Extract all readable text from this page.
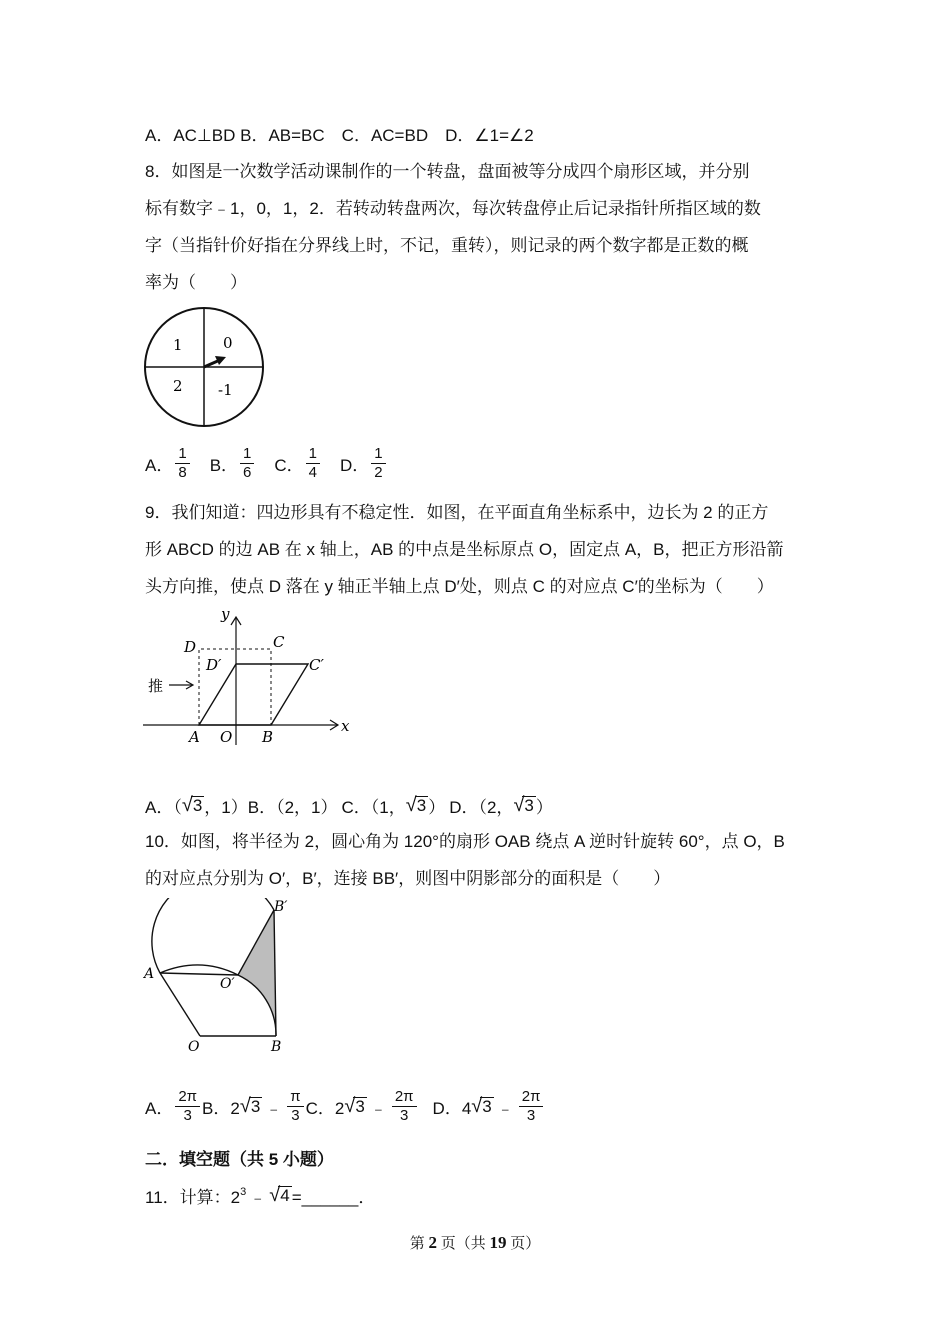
A．AC⊥BD B．AB=BC　C．AC=BD　D．∠1=∠2
8．如图是一次数学活动课制作的一个转盘，盘面被等分成四个扇形区域，并分别
标有数字﹣1，0，1，2．若转动转盘两次，每次转盘停止后记录指针所指区域的数
字（当指针价好指在分界线上时，不记，重转），则记录的两个数字都是正数的概
率为（　　）
1	0
2 -1
A． $\frac{1}{8}$ B． $\frac{1}{6}$ C． $\frac{1}{4}$ D． $\frac{1}{2}$
9．我们知道：四边形具有不稳定性．如图，在平面直角坐标系中，边长为 2 的正方
形 ABCD 的边 AB 在 x 轴上，AB 的中点是坐标原点 O，固定点 A，B，把正方形沿箭
头方向推，使点 D 落在 y 轴正半轴上点 D′处，则点 C 的对应点 C′的坐标为（　　）
y
x
D	C
D′	C′
推
A O B
A．（ √3 ，1） B．（2，1） C．（1， √3 ） D．（2， √3 ）
10．如图，将半径为 2，圆心角为 120°的扇形 OAB 绕点 A 逆时针旋转 60°，点 O，B
的对应点分别为 O′，B′，连接 BB′，则图中阴影部分的面积是（　　）
B′
A
O′
O	B
A． $\frac{2\pi}{3}$ B．2 √3 ﹣ $\frac{\pi}{3}$ C．2 √3 ﹣ $\frac{2\pi}{3}$ D．4 √3 ﹣ $\frac{2\pi}{3}$
二．填空题（共 5 小题）
11．计算：$2^3$ ﹣ √4 =______．
第 2 页（共 19 页）
